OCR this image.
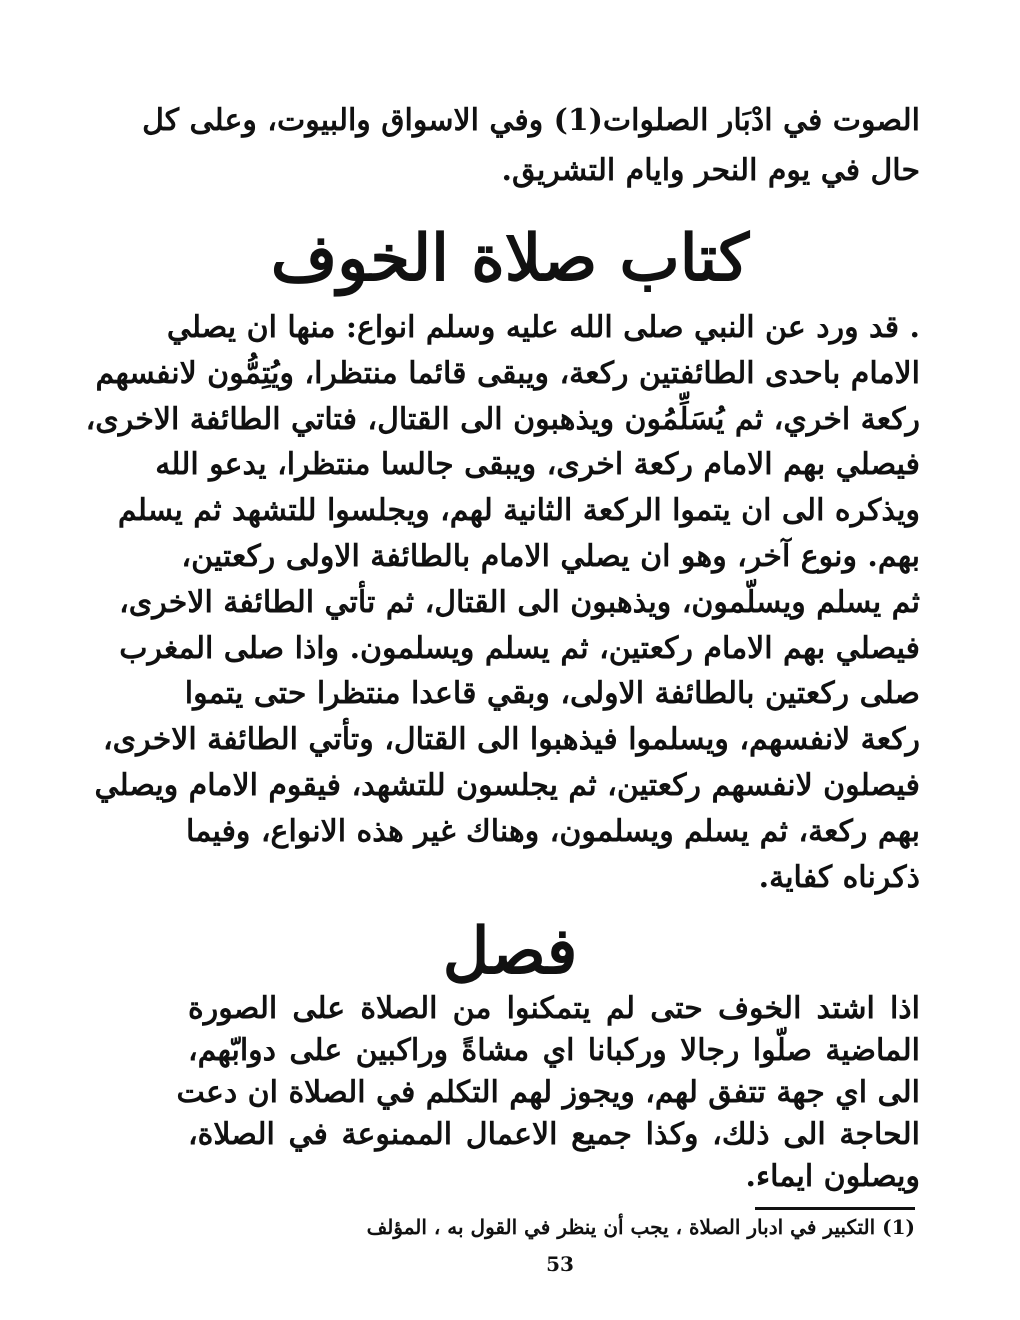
الصوت في ادْبَار الصلوات(1) وفي الاسواق والبيوت، وعلى كل
حال في يوم النحر وايام التشريق.
كتاب صلاة الخوف
. قد ورد عن النبي صلى الله عليه وسلم انواع: منها ان يصلي
الامام باحدى الطائفتين ركعة، ويبقى قائما منتظرا، ويُتِمُّون لانفسهم
ركعة اخري، ثم يُسَلِّمُون ويذهبون الى القتال، فتاتي الطائفة الاخرى،
فيصلي بهم الامام ركعة اخرى، ويبقى جالسا منتظرا، يدعو الله
ويذكره الى ان يتموا الركعة الثانية لهم، ويجلسوا للتشهد ثم يسلم
بهم. ونوع آخر، وهو ان يصلي الامام بالطائفة الاولى ركعتين،
ثم يسلم ويسلّمون، ويذهبون الى القتال، ثم تأتي الطائفة الاخرى،
فيصلي بهم الامام ركعتين، ثم يسلم ويسلمون. واذا صلى المغرب
صلى ركعتين بالطائفة الاولى، وبقي قاعدا منتظرا حتى يتموا
ركعة لانفسهم، ويسلموا فيذهبوا الى القتال، وتأتي الطائفة الاخرى،
فيصلون لانفسهم ركعتين، ثم يجلسون للتشهد، فيقوم الامام ويصلي
بهم ركعة، ثم يسلم ويسلمون، وهناك غير هذه الانواع، وفيما
ذكرناه كفاية.
فصل
اذا اشتد الخوف حتى لم يتمكنوا من الصلاة على الصورة
الماضية صلّوا رجالا وركبانا اي مشاةً وراكبين على دوابّهم،
الى اي جهة تتفق لهم، ويجوز لهم التكلم في الصلاة ان دعت
الحاجة الى ذلك، وكذا جميع الاعمال الممنوعة في الصلاة،
ويصلون ايماء.
(1) التكبير في ادبار الصلاة ، يجب أن ينظر في القول به ، المؤلف
53
